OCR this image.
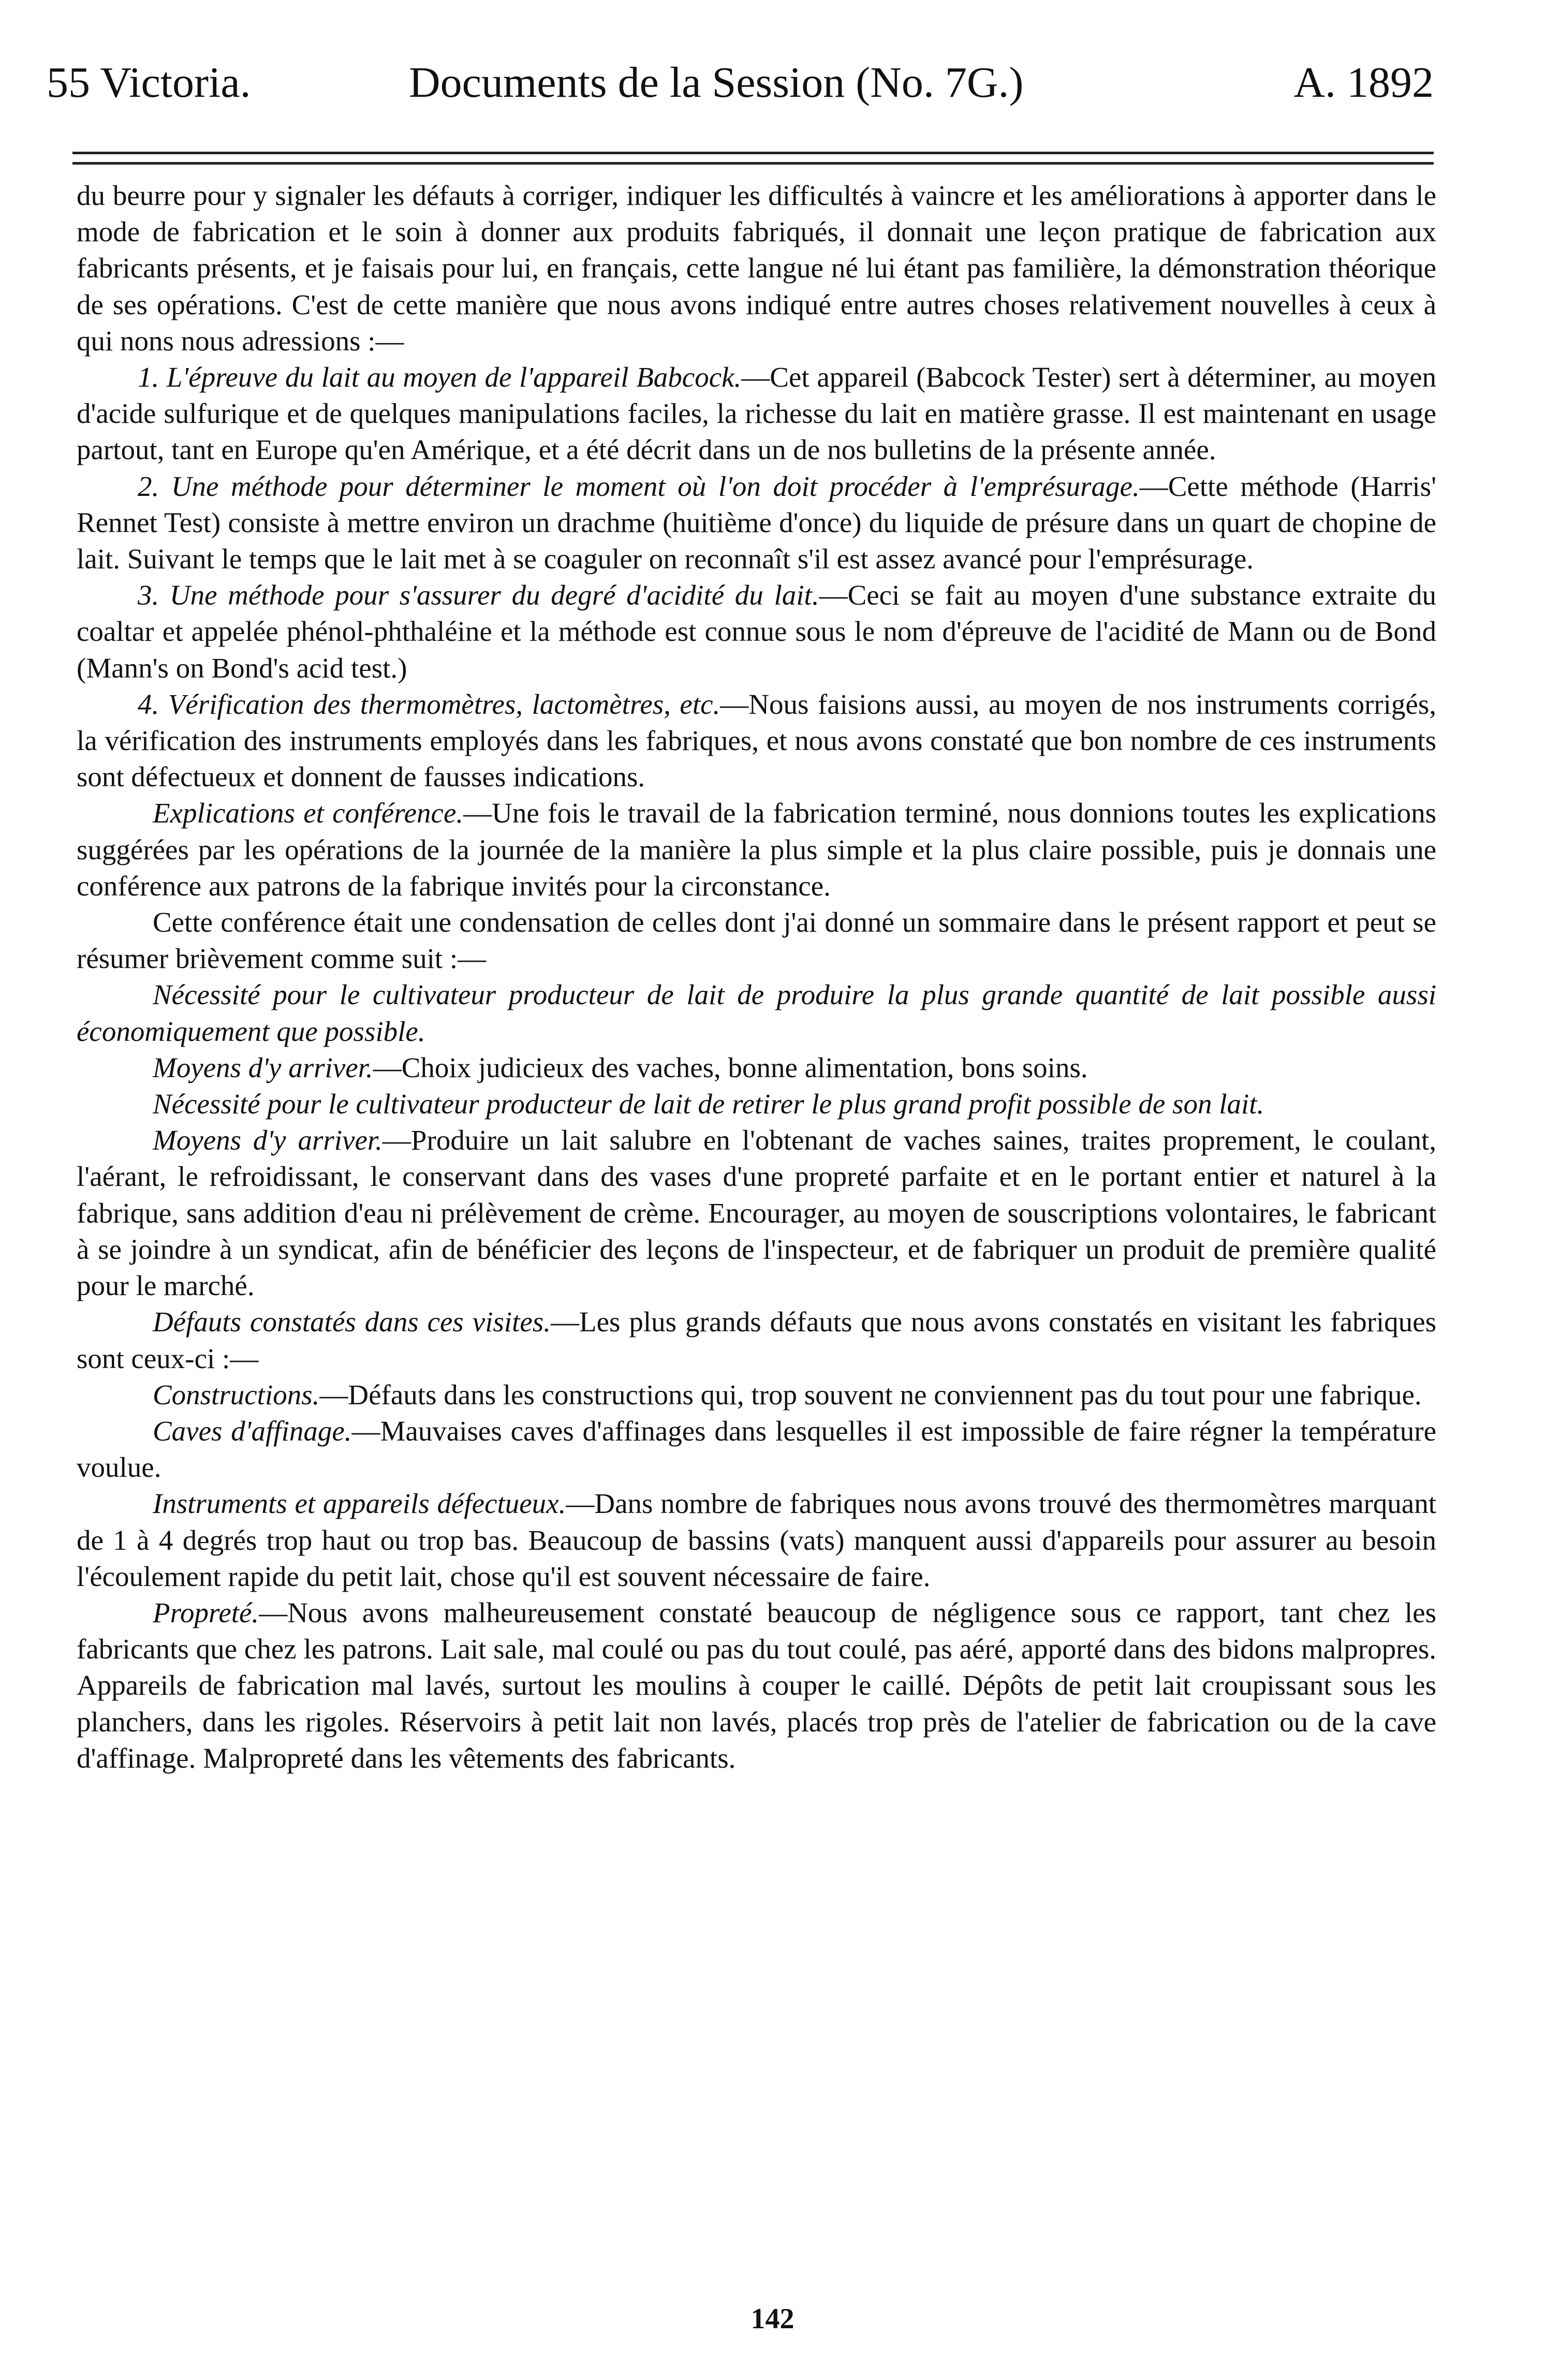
55 Victoria.	Documents de la Session (No. 7G.)	A. 1892

du beurre pour y signaler les défauts à corriger, indiquer les difficultés à vaincre et les améliorations à apporter dans le mode de fabrication et le soin à donner aux produits fabriqués, il donnait une leçon pratique de fabrication aux fabricants présents, et je faisais pour lui, en français, cette langue né lui étant pas familière, la démonstration théorique de ses opérations. C'est de cette manière que nous avons indiqué entre autres choses relativement nouvelles à ceux à qui nons nous adressions :—

1. L'épreuve du lait au moyen de l'appareil Babcock.—Cet appareil (Babcock Tester) sert à déterminer, au moyen d'acide sulfurique et de quelques manipulations faciles, la richesse du lait en matière grasse. Il est maintenant en usage partout, tant en Europe qu'en Amérique, et a été décrit dans un de nos bulletins de la présente année.

2. Une méthode pour déterminer le moment où l'on doit procéder à l'emprésurage.—Cette méthode (Harris' Rennet Test) consiste à mettre environ un drachme (huitième d'once) du liquide de présure dans un quart de chopine de lait. Suivant le temps que le lait met à se coaguler on reconnaît s'il est assez avancé pour l'emprésurage.

3. Une méthode pour s'assurer du degré d'acidité du lait.—Ceci se fait au moyen d'une substance extraite du coaltar et appelée phénol-phthaléine et la méthode est connue sous le nom d'épreuve de l'acidité de Mann ou de Bond (Mann's on Bond's acid test.)

4. Vérification des thermomètres, lactomètres, etc.—Nous faisions aussi, au moyen de nos instruments corrigés, la vérification des instruments employés dans les fabriques, et nous avons constaté que bon nombre de ces instruments sont défectueux et donnent de fausses indications.

Explications et conférence.—Une fois le travail de la fabrication terminé, nous donnions toutes les explications suggérées par les opérations de la journée de la manière la plus simple et la plus claire possible, puis je donnais une conférence aux patrons de la fabrique invités pour la circonstance.

Cette conférence était une condensation de celles dont j'ai donné un sommaire dans le présent rapport et peut se résumer brièvement comme suit :—

Nécessité pour le cultivateur producteur de lait de produire la plus grande quantité de lait possible aussi économiquement que possible.

Moyens d'y arriver.—Choix judicieux des vaches, bonne alimentation, bons soins.

Nécessité pour le cultivateur producteur de lait de retirer le plus grand profit possible de son lait.

Moyens d'y arriver.—Produire un lait salubre en l'obtenant de vaches saines, traites proprement, le coulant, l'aérant, le refroidissant, le conservant dans des vases d'une propreté parfaite et en le portant entier et naturel à la fabrique, sans addition d'eau ni prélèvement de crème. Encourager, au moyen de souscriptions volontaires, le fabricant à se joindre à un syndicat, afin de bénéficier des leçons de l'inspecteur, et de fabriquer un produit de première qualité pour le marché.

Défauts constatés dans ces visites.—Les plus grands défauts que nous avons constatés en visitant les fabriques sont ceux-ci :—

Constructions.—Défauts dans les constructions qui, trop souvent ne conviennent pas du tout pour une fabrique.

Caves d'affinage.—Mauvaises caves d'affinages dans lesquelles il est impossible de faire régner la température voulue.

Instruments et appareils défectueux.—Dans nombre de fabriques nous avons trouvé des thermomètres marquant de 1 à 4 degrés trop haut ou trop bas. Beaucoup de bassins (vats) manquent aussi d'appareils pour assurer au besoin l'écoulement rapide du petit lait, chose qu'il est souvent nécessaire de faire.

Propreté.—Nous avons malheureusement constaté beaucoup de négligence sous ce rapport, tant chez les fabricants que chez les patrons. Lait sale, mal coulé ou pas du tout coulé, pas aéré, apporté dans des bidons malpropres. Appareils de fabrication mal lavés, surtout les moulins à couper le caillé. Dépôts de petit lait croupissant sous les planchers, dans les rigoles. Réservoirs à petit lait non lavés, placés trop près de l'atelier de fabrication ou de la cave d'affinage. Malpropreté dans les vêtements des fabricants.

142
